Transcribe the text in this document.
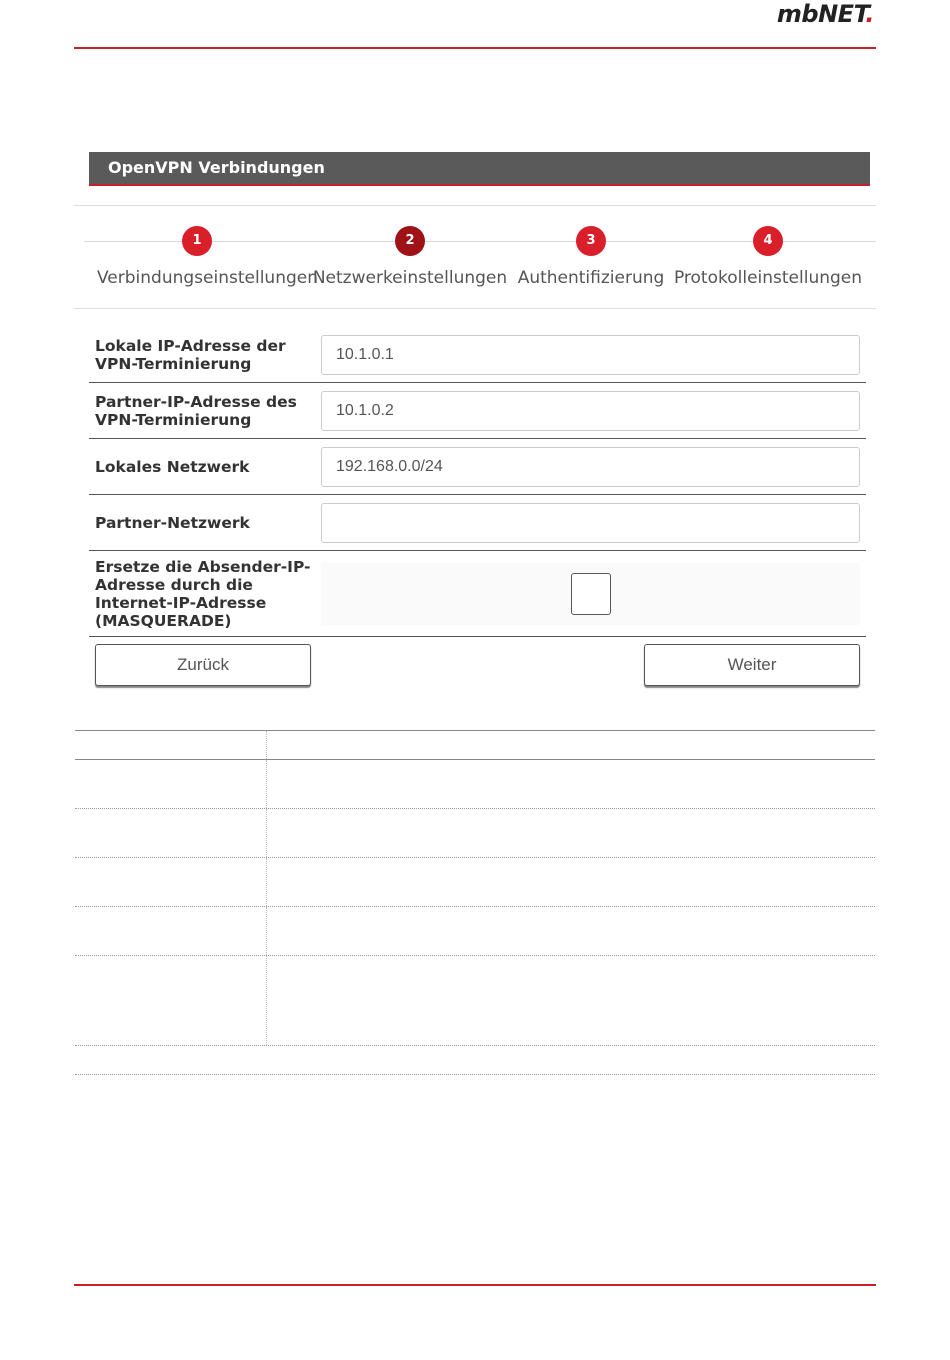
mbNET.
OpenVPN Verbindungen
1
Verbindungseinstellungen
2
Netzwerkeinstellungen
3
Authentifizierung
4
Protokolleinstellungen
Lokale IP-Adresse der VPN-Terminierung
10.1.0.1
Partner-IP-Adresse des VPN-Terminierung
10.1.0.2
Lokales Netzwerk	192.168.0.0/24
Partner-Netzwerk
Ersetze die Absender-IP-Adresse durch die Internet-IP-Adresse (MASQUERADE)
Zurück	Weiter
